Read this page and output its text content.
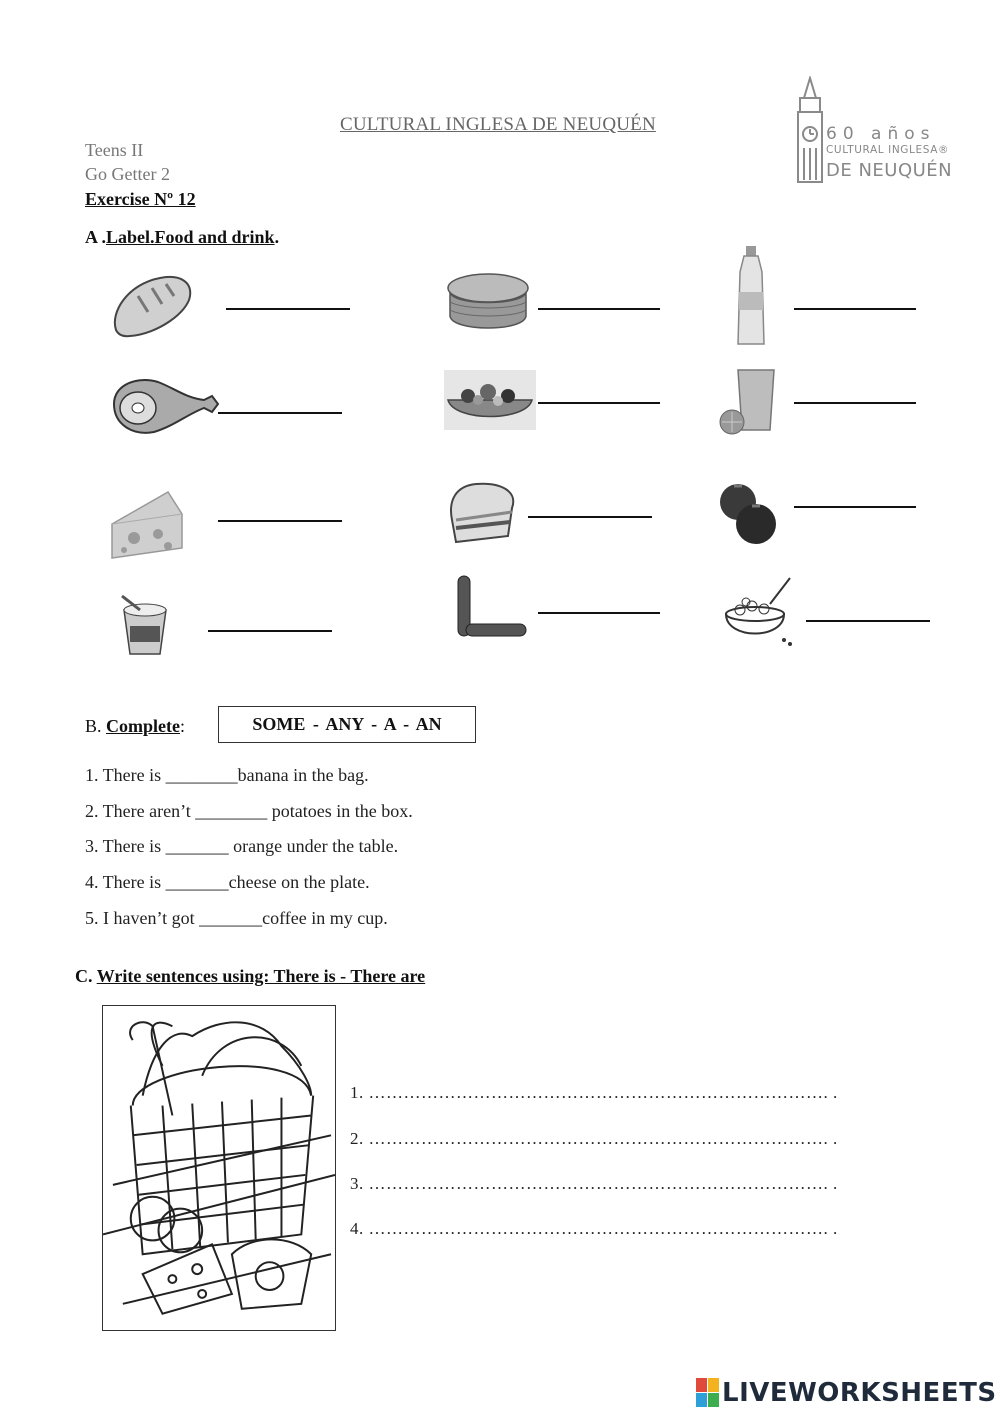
CULTURAL INGLESA DE NEUQUÉN
Teens II
Go Getter 2
Exercise Nº 12
60 años
CULTURAL INGLESA®
DE NEUQUÉN
A .Label.Food and drink.
B. Complete:	SOME - ANY - A - AN
1. There is ________banana in the bag.
2. There aren’t ________ potatoes in the box.
3. There is _______ orange under the table.
4. There is _______cheese on the plate.
5. I haven’t got _______coffee in my cup.
C. Write sentences using: There is - There are
1. ……………………………………………………………………. .
2. ……………………………………………………………………. .
3. ……………………………………………………………………. .
4. ……………………………………………………………………. .
LIVEWORKSHEETS
